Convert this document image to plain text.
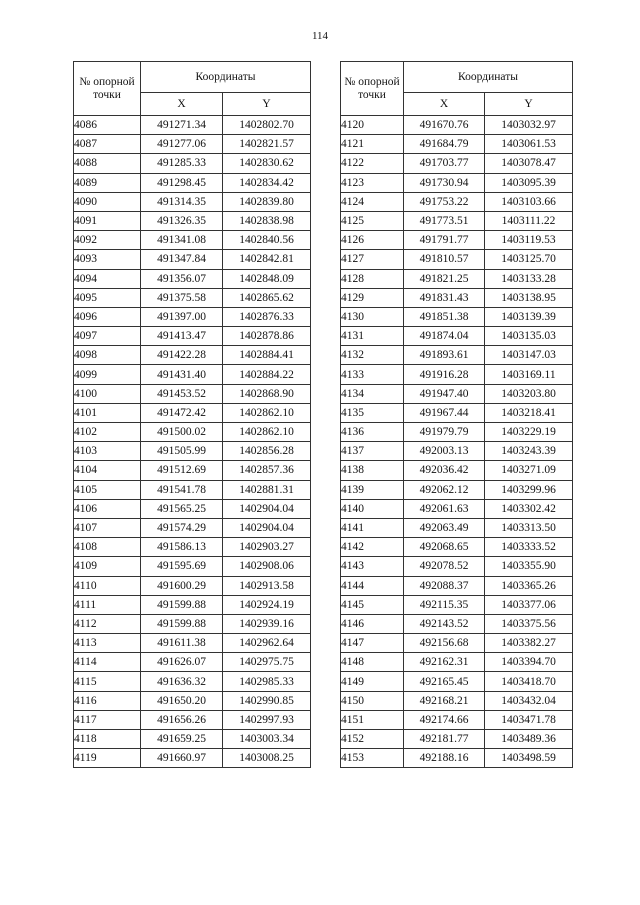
114
№ опорной точки	Координаты	
	X	Y
4086	491271.34	1402802.70
4087	491277.06	1402821.57
4088	491285.33	1402830.62
4089	491298.45	1402834.42
4090	491314.35	1402839.80
4091	491326.35	1402838.98
4092	491341.08	1402840.56
4093	491347.84	1402842.81
4094	491356.07	1402848.09
4095	491375.58	1402865.62
4096	491397.00	1402876.33
4097	491413.47	1402878.86
4098	491422.28	1402884.41
4099	491431.40	1402884.22
4100	491453.52	1402868.90
4101	491472.42	1402862.10
4102	491500.02	1402862.10
4103	491505.99	1402856.28
4104	491512.69	1402857.36
4105	491541.78	1402881.31
4106	491565.25	1402904.04
4107	491574.29	1402904.04
4108	491586.13	1402903.27
4109	491595.69	1402908.06
4110	491600.29	1402913.58
4111	491599.88	1402924.19
4112	491599.88	1402939.16
4113	491611.38	1402962.64
4114	491626.07	1402975.75
4115	491636.32	1402985.33
4116	491650.20	1402990.85
4117	491656.26	1402997.93
4118	491659.25	1403003.34
4119	491660.97	1403008.25
№ опорной точки	Координаты	
	X	Y
4120	491670.76	1403032.97
4121	491684.79	1403061.53
4122	491703.77	1403078.47
4123	491730.94	1403095.39
4124	491753.22	1403103.66
4125	491773.51	1403111.22
4126	491791.77	1403119.53
4127	491810.57	1403125.70
4128	491821.25	1403133.28
4129	491831.43	1403138.95
4130	491851.38	1403139.39
4131	491874.04	1403135.03
4132	491893.61	1403147.03
4133	491916.28	1403169.11
4134	491947.40	1403203.80
4135	491967.44	1403218.41
4136	491979.79	1403229.19
4137	492003.13	1403243.39
4138	492036.42	1403271.09
4139	492062.12	1403299.96
4140	492061.63	1403302.42
4141	492063.49	1403313.50
4142	492068.65	1403333.52
4143	492078.52	1403355.90
4144	492088.37	1403365.26
4145	492115.35	1403377.06
4146	492143.52	1403375.56
4147	492156.68	1403382.27
4148	492162.31	1403394.70
4149	492165.45	1403418.70
4150	492168.21	1403432.04
4151	492174.66	1403471.78
4152	492181.77	1403489.36
4153	492188.16	1403498.59
